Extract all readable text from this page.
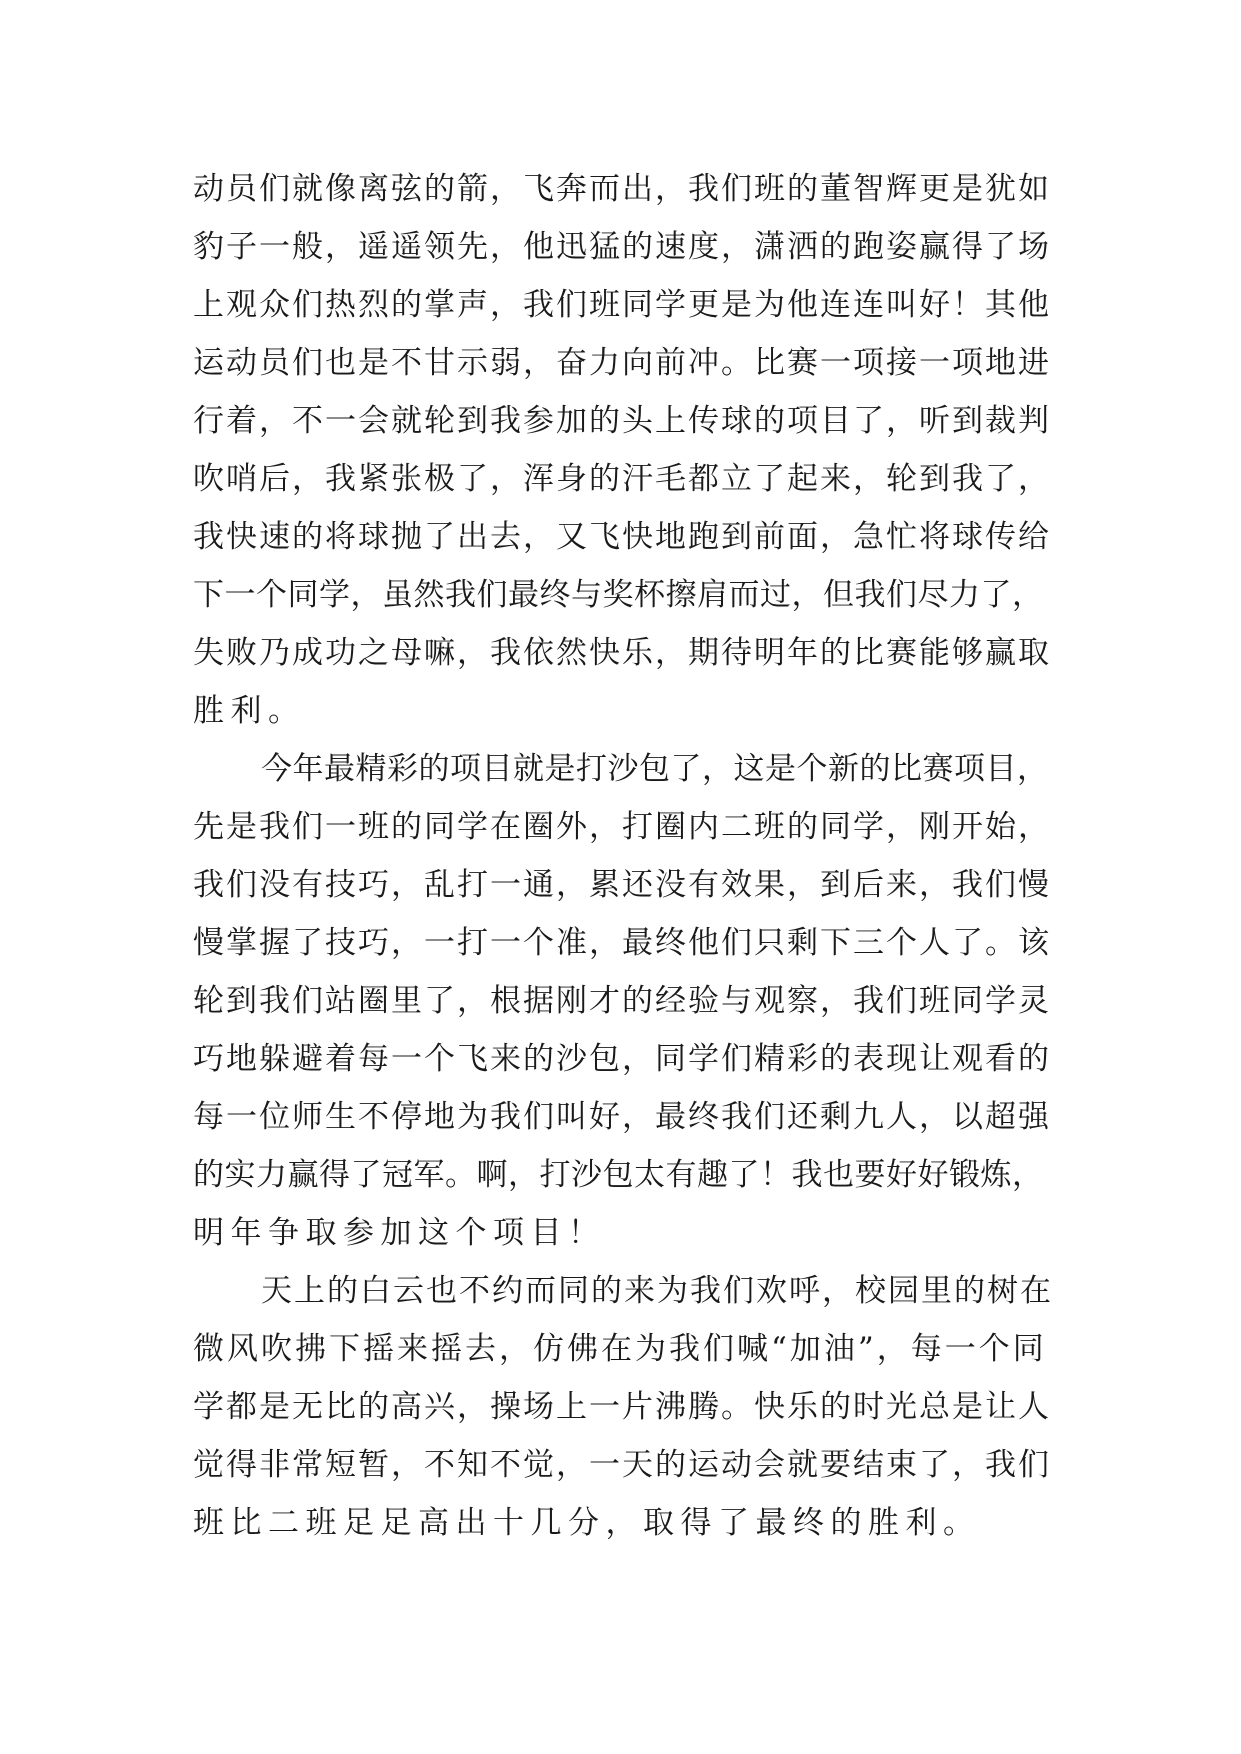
动员们就像离弦的箭，飞奔而出，我们班的董智辉更是犹如
豹子一般，遥遥领先，他迅猛的速度，潇洒的跑姿赢得了场
上观众们热烈的掌声，我们班同学更是为他连连叫好！其他
运动员们也是不甘示弱，奋力向前冲。比赛一项接一项地进
行着，不一会就轮到我参加的头上传球的项目了，听到裁判
吹哨后，我紧张极了，浑身的汗毛都立了起来，轮到我了，
我快速的将球抛了出去，又飞快地跑到前面，急忙将球传给
下一个同学，虽然我们最终与奖杯擦肩而过，但我们尽力了，
失败乃成功之母嘛，我依然快乐，期待明年的比赛能够赢取
胜利。
今年最精彩的项目就是打沙包了，这是个新的比赛项目，
先是我们一班的同学在圈外，打圈内二班的同学，刚开始，
我们没有技巧，乱打一通，累还没有效果，到后来，我们慢
慢掌握了技巧，一打一个准，最终他们只剩下三个人了。该
轮到我们站圈里了，根据刚才的经验与观察，我们班同学灵
巧地躲避着每一个飞来的沙包，同学们精彩的表现让观看的
每一位师生不停地为我们叫好，最终我们还剩九人，以超强
的实力赢得了冠军。啊，打沙包太有趣了！我也要好好锻炼，
明年争取参加这个项目！
天上的白云也不约而同的来为我们欢呼，校园里的树在
微风吹拂下摇来摇去，仿佛在为我们喊“加油”，每一个同
学都是无比的高兴，操场上一片沸腾。快乐的时光总是让人
觉得非常短暂，不知不觉，一天的运动会就要结束了，我们
班比二班足足高出十几分，取得了最终的胜利。
